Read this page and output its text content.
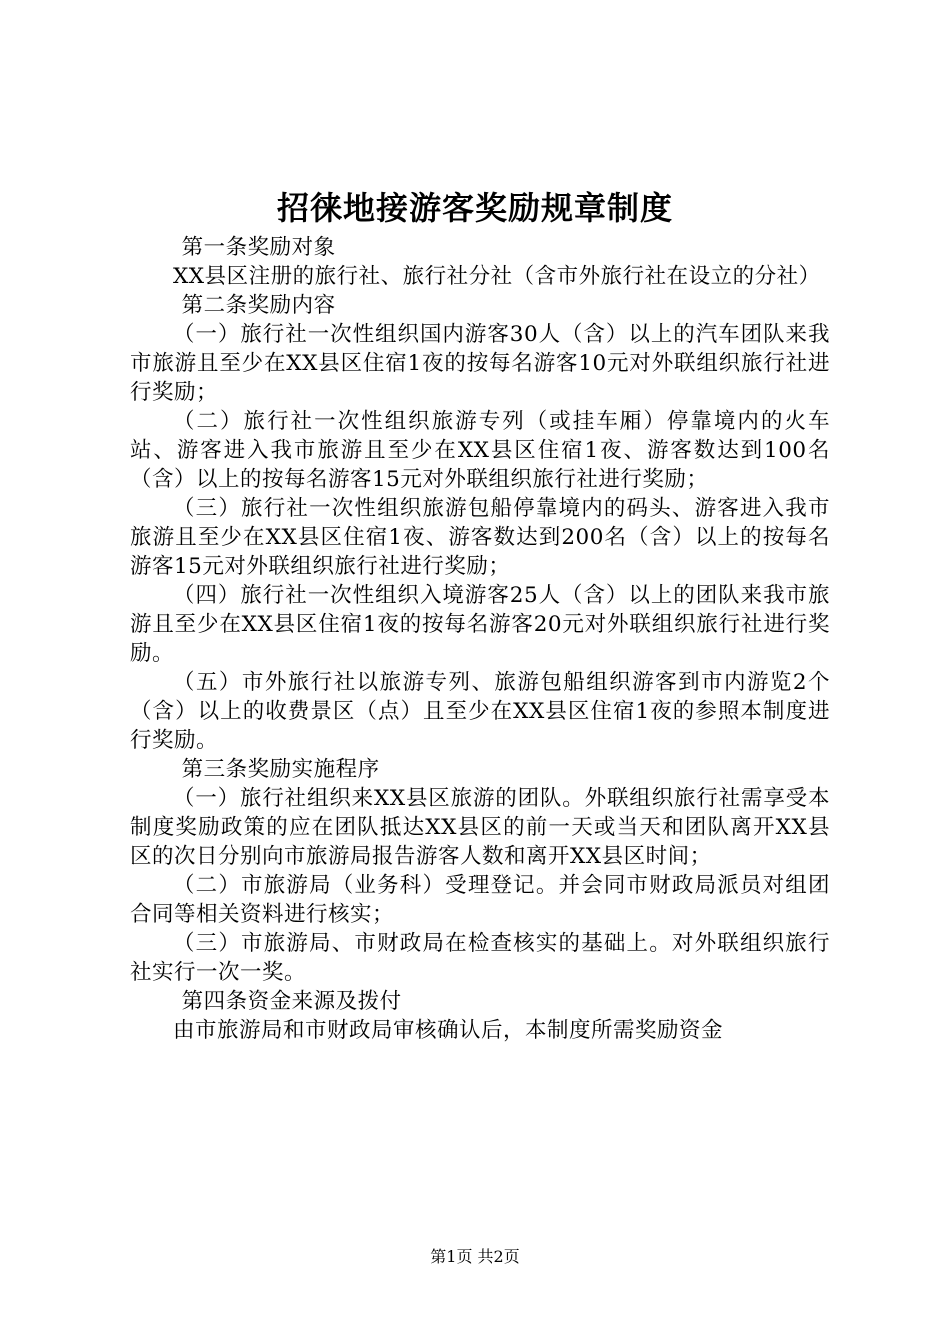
招徕地接游客奖励规章制度

第一条奖励对象

XX县区注册的旅行社、旅行社分社（含市外旅行社在设立的分社）

第二条奖励内容

（一）旅行社一次性组织国内游客30人（含）以上的汽车团队来我市旅游且至少在XX县区住宿1夜的按每名游客10元对外联组织旅行社进行奖励；

（二）旅行社一次性组织旅游专列（或挂车厢）停靠境内的火车站、游客进入我市旅游且至少在XX县区住宿1夜、游客数达到100名（含）以上的按每名游客15元对外联组织旅行社进行奖励；

（三）旅行社一次性组织旅游包船停靠境内的码头、游客进入我市旅游且至少在XX县区住宿1夜、游客数达到200名（含）以上的按每名游客15元对外联组织旅行社进行奖励；

（四）旅行社一次性组织入境游客25人（含）以上的团队来我市旅游且至少在XX县区住宿1夜的按每名游客20元对外联组织旅行社进行奖励。

（五）市外旅行社以旅游专列、旅游包船组织游客到市内游览2个（含）以上的收费景区（点）且至少在XX县区住宿1夜的参照本制度进行奖励。

第三条奖励实施程序

（一）旅行社组织来XX县区旅游的团队。外联组织旅行社需享受本制度奖励政策的应在团队抵达XX县区的前一天或当天和团队离开XX县区的次日分别向市旅游局报告游客人数和离开XX县区时间；

（二）市旅游局（业务科）受理登记。并会同市财政局派员对组团合同等相关资料进行核实；

（三）市旅游局、市财政局在检查核实的基础上。对外联组织旅行社实行一次一奖。

第四条资金来源及拨付

由市旅游局和市财政局审核确认后，本制度所需奖励资金

第1页 共2页
